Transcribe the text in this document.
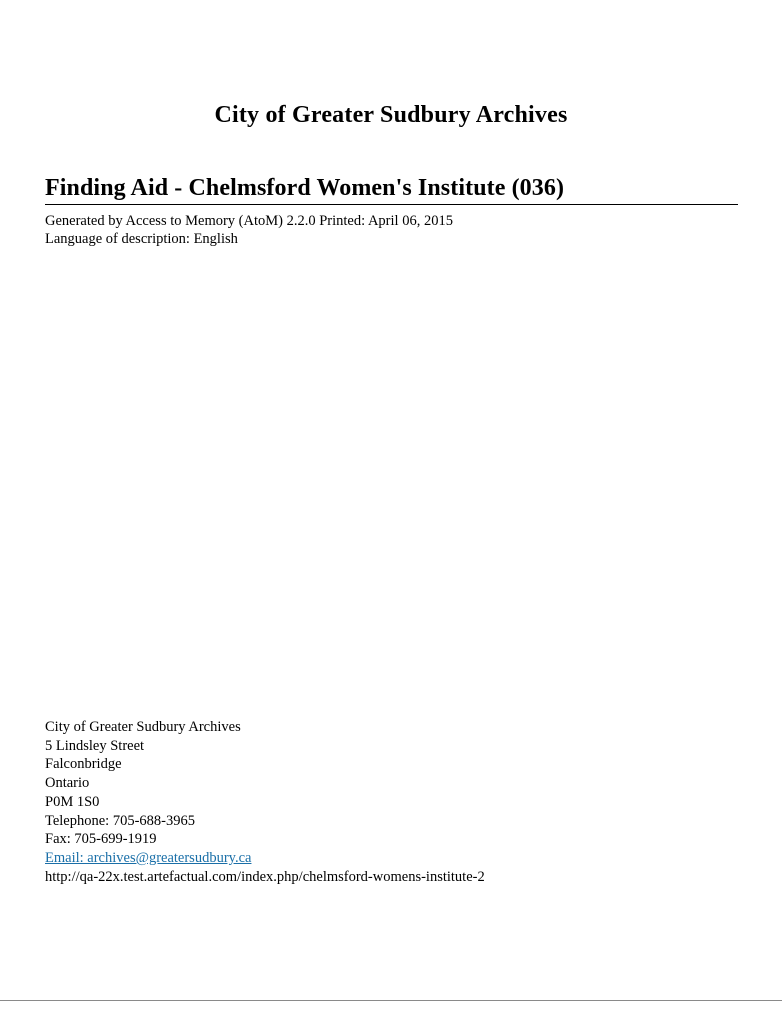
City of Greater Sudbury Archives
Finding Aid - Chelmsford Women's Institute (036)
Generated by Access to Memory (AtoM) 2.2.0 Printed: April 06, 2015
Language of description: English
City of Greater Sudbury Archives
5 Lindsley Street
Falconbridge
Ontario
P0M 1S0
Telephone: 705-688-3965
Fax: 705-699-1919
Email: archives@greatersudbury.ca
http://qa-22x.test.artefactual.com/index.php/chelmsford-womens-institute-2
